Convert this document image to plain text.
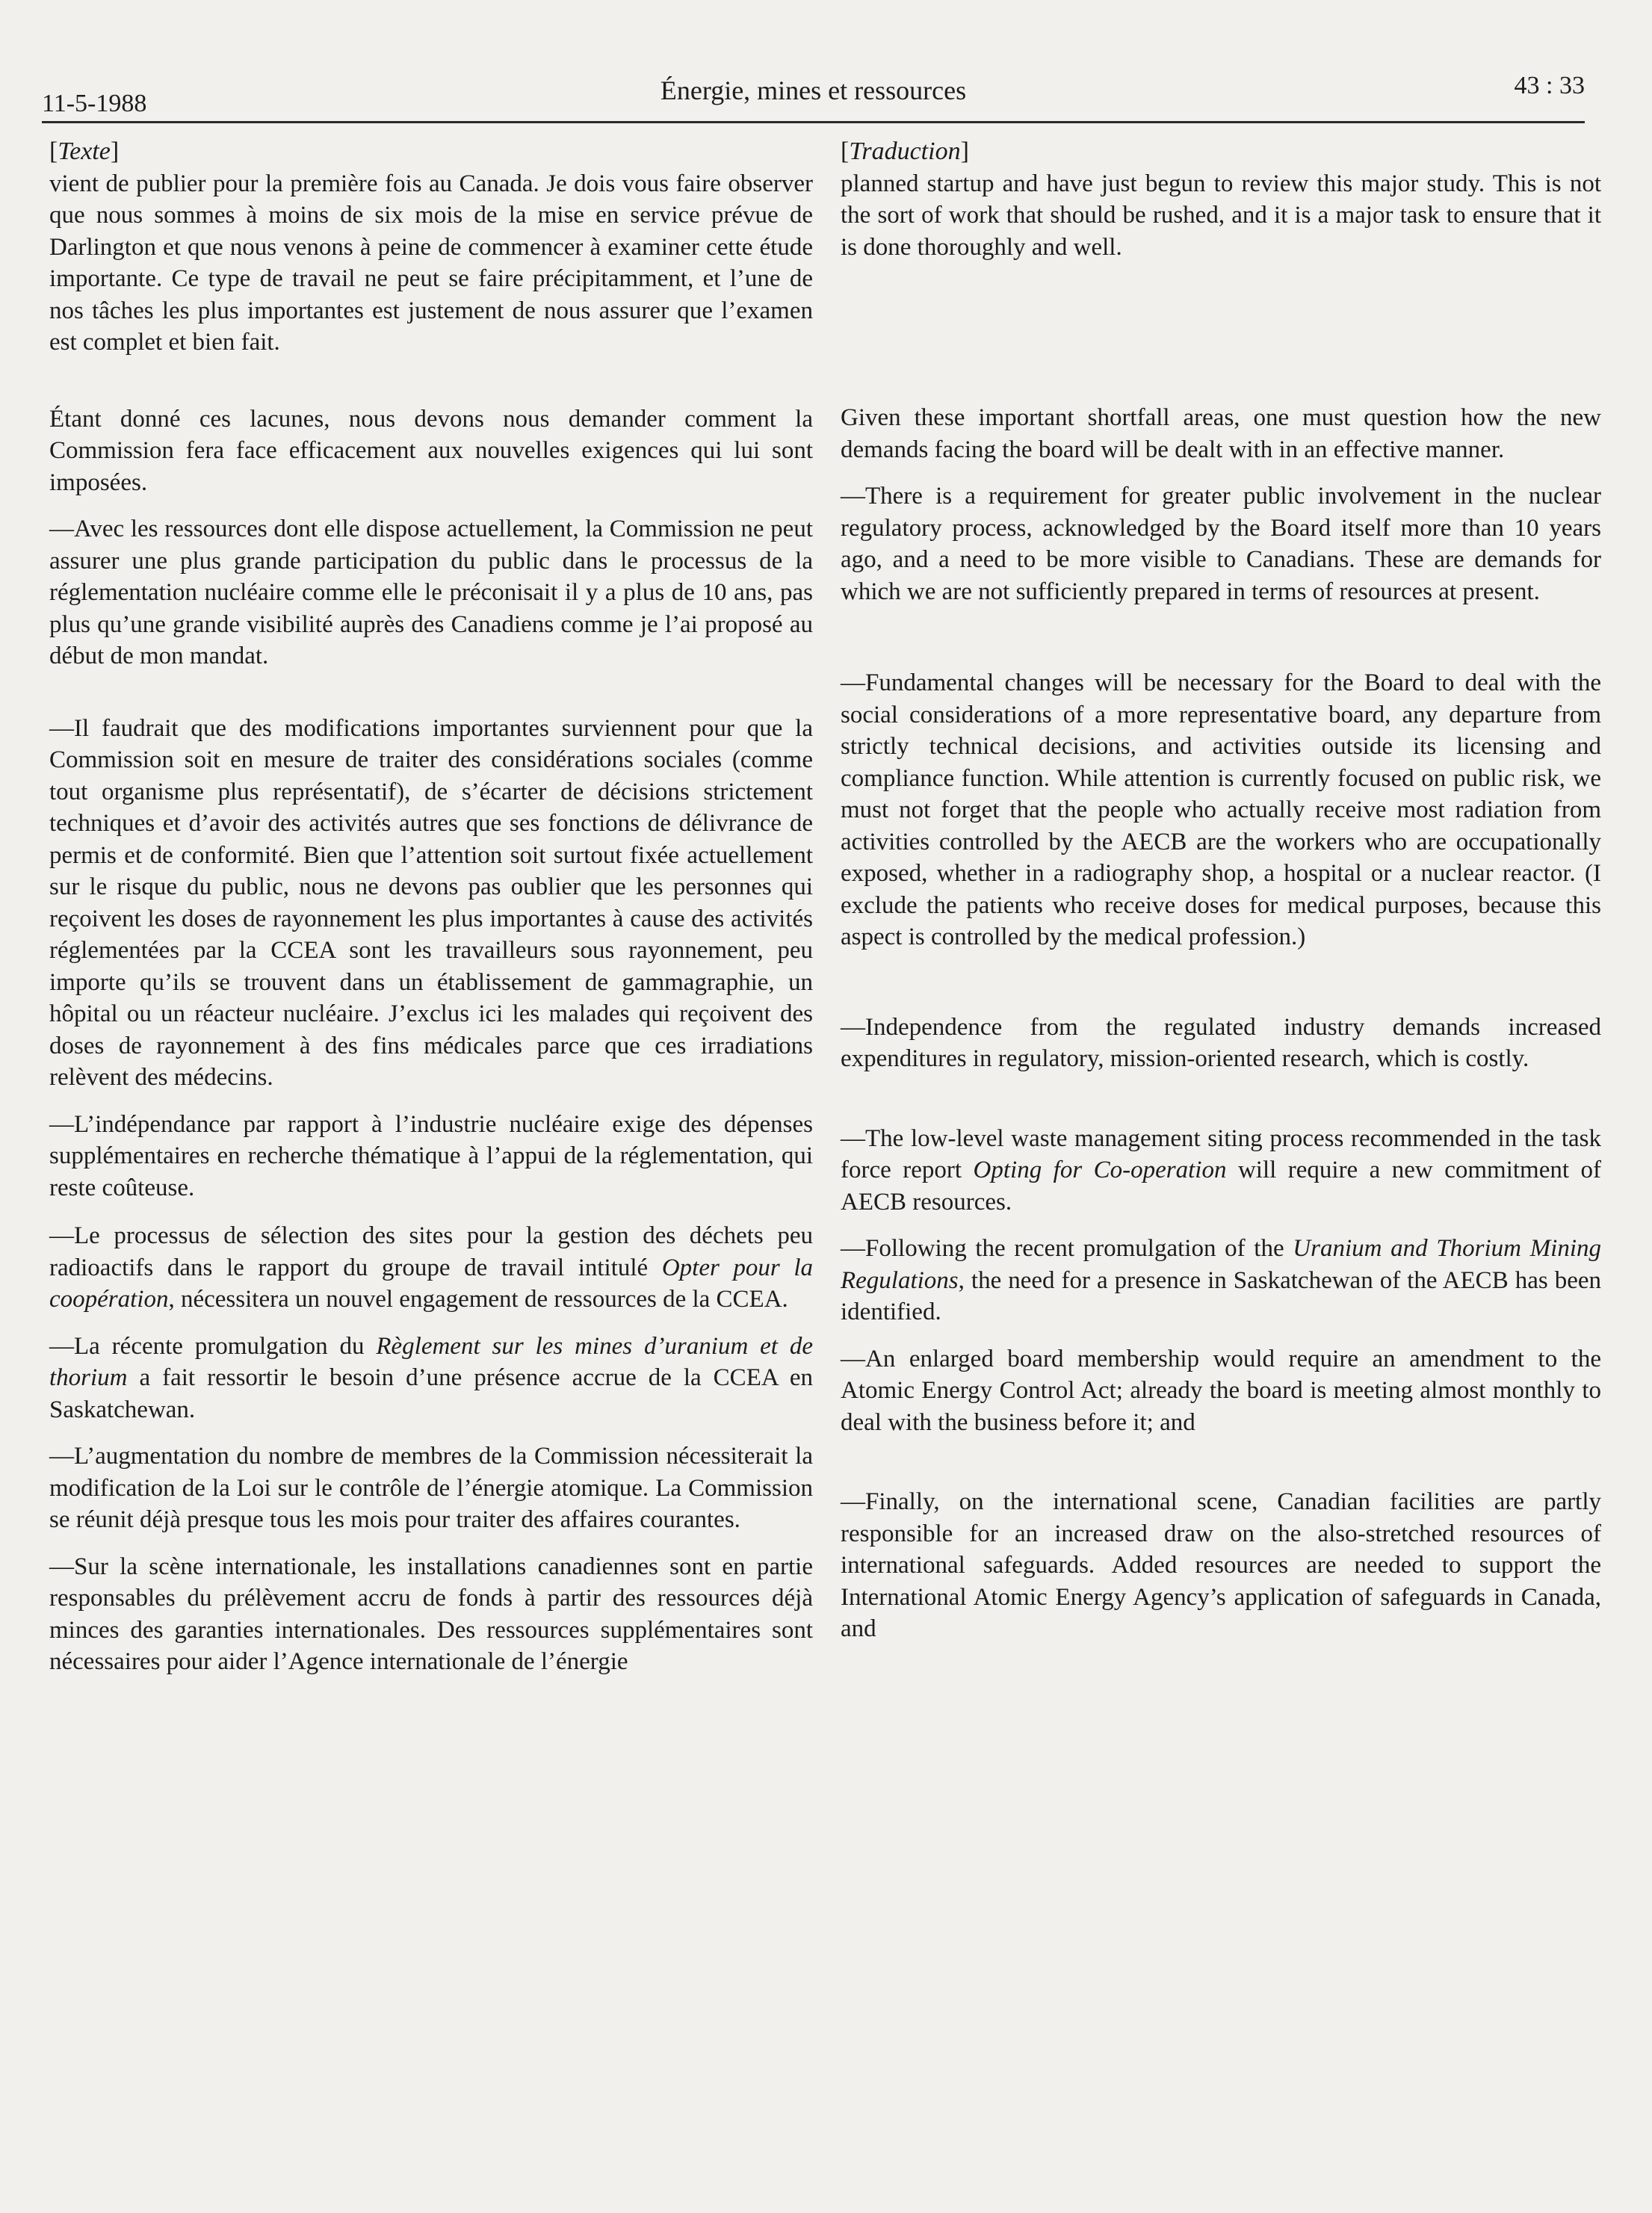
11-5-1988	Énergie, mines et ressources	43 : 33

[Texte]

vient de publier pour la première fois au Canada. Je dois vous faire observer que nous sommes à moins de six mois de la mise en service prévue de Darlington et que nous venons à peine de commencer à examiner cette étude importante. Ce type de travail ne peut se faire précipitamment, et l’une de nos tâches les plus importantes est justement de nous assurer que l’examen est complet et bien fait.

Étant donné ces lacunes, nous devons nous demander comment la Commission fera face efficacement aux nouvelles exigences qui lui sont imposées.

—Avec les ressources dont elle dispose actuellement, la Commission ne peut assurer une plus grande participation du public dans le processus de la réglementation nucléaire comme elle le préconisait il y a plus de 10 ans, pas plus qu’une grande visibilité auprès des Canadiens comme je l’ai proposé au début de mon mandat.

—Il faudrait que des modifications importantes surviennent pour que la Commission soit en mesure de traiter des considérations sociales (comme tout organisme plus représentatif), de s’écarter de décisions strictement techniques et d’avoir des activités autres que ses fonctions de délivrance de permis et de conformité. Bien que l’attention soit surtout fixée actuellement sur le risque du public, nous ne devons pas oublier que les personnes qui reçoivent les doses de rayonnement les plus importantes à cause des activités réglementées par la CCEA sont les travailleurs sous rayonnement, peu importe qu’ils se trouvent dans un établissement de gammagraphie, un hôpital ou un réacteur nucléaire. J’exclus ici les malades qui reçoivent des doses de rayonnement à des fins médicales parce que ces irradiations relèvent des médecins.

—L’indépendance par rapport à l’industrie nucléaire exige des dépenses supplémentaires en recherche thématique à l’appui de la réglementation, qui reste coûteuse.

—Le processus de sélection des sites pour la gestion des déchets peu radioactifs dans le rapport du groupe de travail intitulé Opter pour la coopération, nécessitera un nouvel engagement de ressources de la CCEA.

—La récente promulgation du Règlement sur les mines d’uranium et de thorium a fait ressortir le besoin d’une présence accrue de la CCEA en Saskatchewan.

—L’augmentation du nombre de membres de la Commission nécessiterait la modification de la Loi sur le contrôle de l’énergie atomique. La Commission se réunit déjà presque tous les mois pour traiter des affaires courantes.

—Sur la scène internationale, les installations canadiennes sont en partie responsables du prélèvement accru de fonds à partir des ressources déjà minces des garanties internationales. Des ressources supplémentaires sont nécessaires pour aider l’Agence internationale de l’énergie

[Traduction]

planned startup and have just begun to review this major study. This is not the sort of work that should be rushed, and it is a major task to ensure that it is done thoroughly and well.

Given these important shortfall areas, one must question how the new demands facing the board will be dealt with in an effective manner.

—There is a requirement for greater public involvement in the nuclear regulatory process, acknowledged by the Board itself more than 10 years ago, and a need to be more visible to Canadians. These are demands for which we are not sufficiently prepared in terms of resources at present.

—Fundamental changes will be necessary for the Board to deal with the social considerations of a more representative board, any departure from strictly technical decisions, and activities outside its licensing and compliance function. While attention is currently focused on public risk, we must not forget that the people who actually receive most radiation from activities controlled by the AECB are the workers who are occupationally exposed, whether in a radiography shop, a hospital or a nuclear reactor. (I exclude the patients who receive doses for medical purposes, because this aspect is controlled by the medical profession.)

—Independence from the regulated industry demands increased expenditures in regulatory, mission-oriented research, which is costly.

—The low-level waste management siting process recommended in the task force report Opting for Co-operation will require a new commitment of AECB resources.

—Following the recent promulgation of the Uranium and Thorium Mining Regulations, the need for a presence in Saskatchewan of the AECB has been identified.

—An enlarged board membership would require an amendment to the Atomic Energy Control Act; already the board is meeting almost monthly to deal with the business before it; and

—Finally, on the international scene, Canadian facilities are partly responsible for an increased draw on the also-stretched resources of international safeguards. Added resources are needed to support the International Atomic Energy Agency’s application of safeguards in Canada, and
